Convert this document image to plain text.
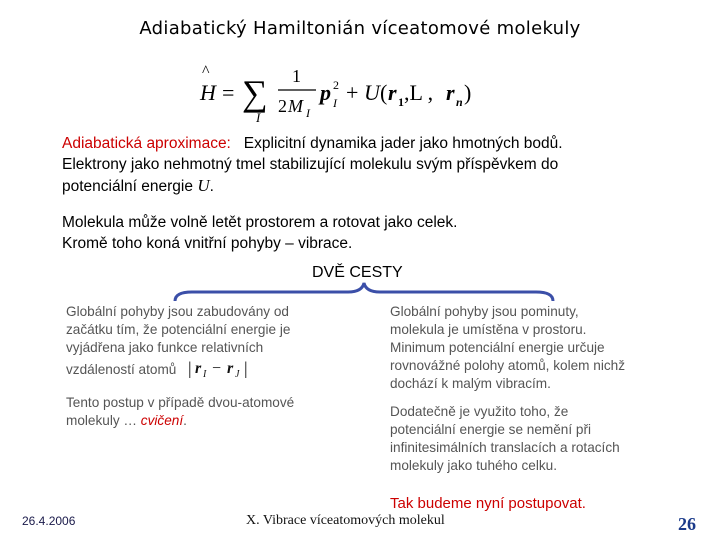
Adiabatický Hamiltonián víceatomové molekuly
^
H = ∑
I
1
2 M I
p 2
I + U ( r 1 ,L , r n )
Adiabatická aproximace: Explicitní dynamika jader jako hmotných bodů.
Elektrony jako nehmotný tmel stabilizující molekulu svým příspěvkem do
potenciální energie U.
Molekula může volně letět prostorem a rotovat jako celek.
Kromě toho koná vnitřní pohyby – vibrace.
DVĚ CESTY
Globální pohyby jsou zabudovány od
začátku tím, že potenciální energie je
vyjádřena jako funkce relativních
vzdáleností atomů | r I − r J |
Tento postup v případě dvou-atomové
molekuly … cvičení.
Globální pohyby jsou pominuty,
molekula je umístěna v prostoru.
Minimum potenciální energie určuje
rovnovážné polohy atomů, kolem nichž
dochází k malým vibracím.
Dodatečně je využito toho, že
potenciální energie se nemění při
infinitesimálních translacích a rotacích
molekuly jako tuhého celku.
Tak budeme nyní postupovat.
26.4.2006	X. Vibrace víceatomových molekul	26
